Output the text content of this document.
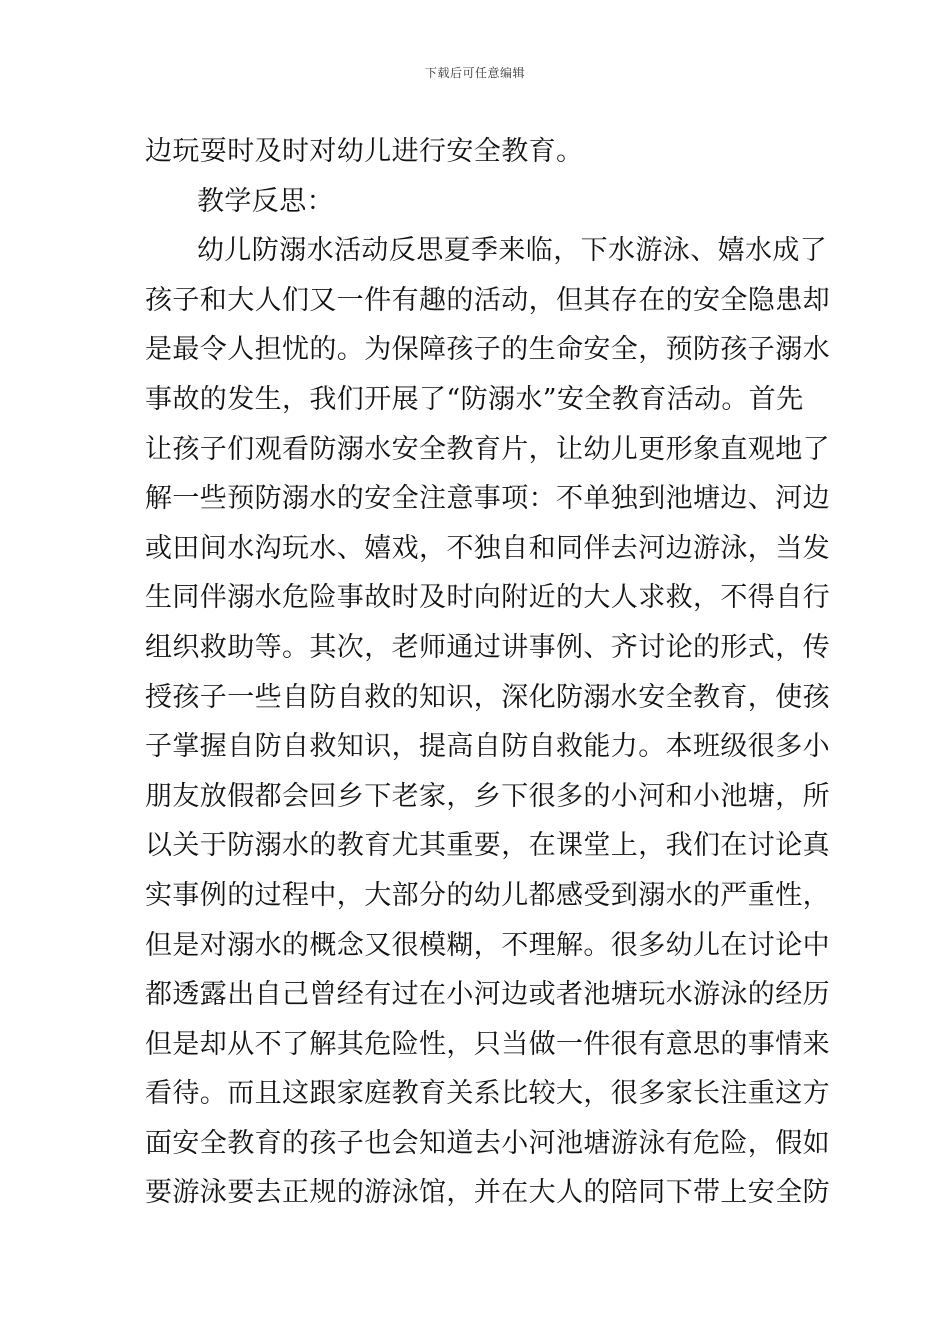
下载后可任意编辑
边玩耍时及时对幼儿进行安全教育。
教学反思：
幼儿防溺水活动反思夏季来临，下水游泳、嬉水成了
孩子和大人们又一件有趣的活动，但其存在的安全隐患却
是最令人担忧的。为保障孩子的生命安全，预防孩子溺水
事故的发生，我们开展了“防溺水”安全教育活动。首先
让孩子们观看防溺水安全教育片，让幼儿更形象直观地了
解一些预防溺水的安全注意事项：不单独到池塘边、河边
或田间水沟玩水、嬉戏，不独自和同伴去河边游泳，当发
生同伴溺水危险事故时及时向附近的大人求救，不得自行
组织救助等。其次，老师通过讲事例、齐讨论的形式，传
授孩子一些自防自救的知识，深化防溺水安全教育，使孩
子掌握自防自救知识，提高自防自救能力。本班级很多小
朋友放假都会回乡下老家，乡下很多的小河和小池塘，所
以关于防溺水的教育尤其重要，在课堂上，我们在讨论真
实事例的过程中，大部分的幼儿都感受到溺水的严重性，
但是对溺水的概念又很模糊，不理解。很多幼儿在讨论中
都透露出自己曾经有过在小河边或者池塘玩水游泳的经历
但是却从不了解其危险性，只当做一件很有意思的事情来
看待。而且这跟家庭教育关系比较大，很多家长注重这方
面安全教育的孩子也会知道去小河池塘游泳有危险，假如
要游泳要去正规的游泳馆，并在大人的陪同下带上安全防
